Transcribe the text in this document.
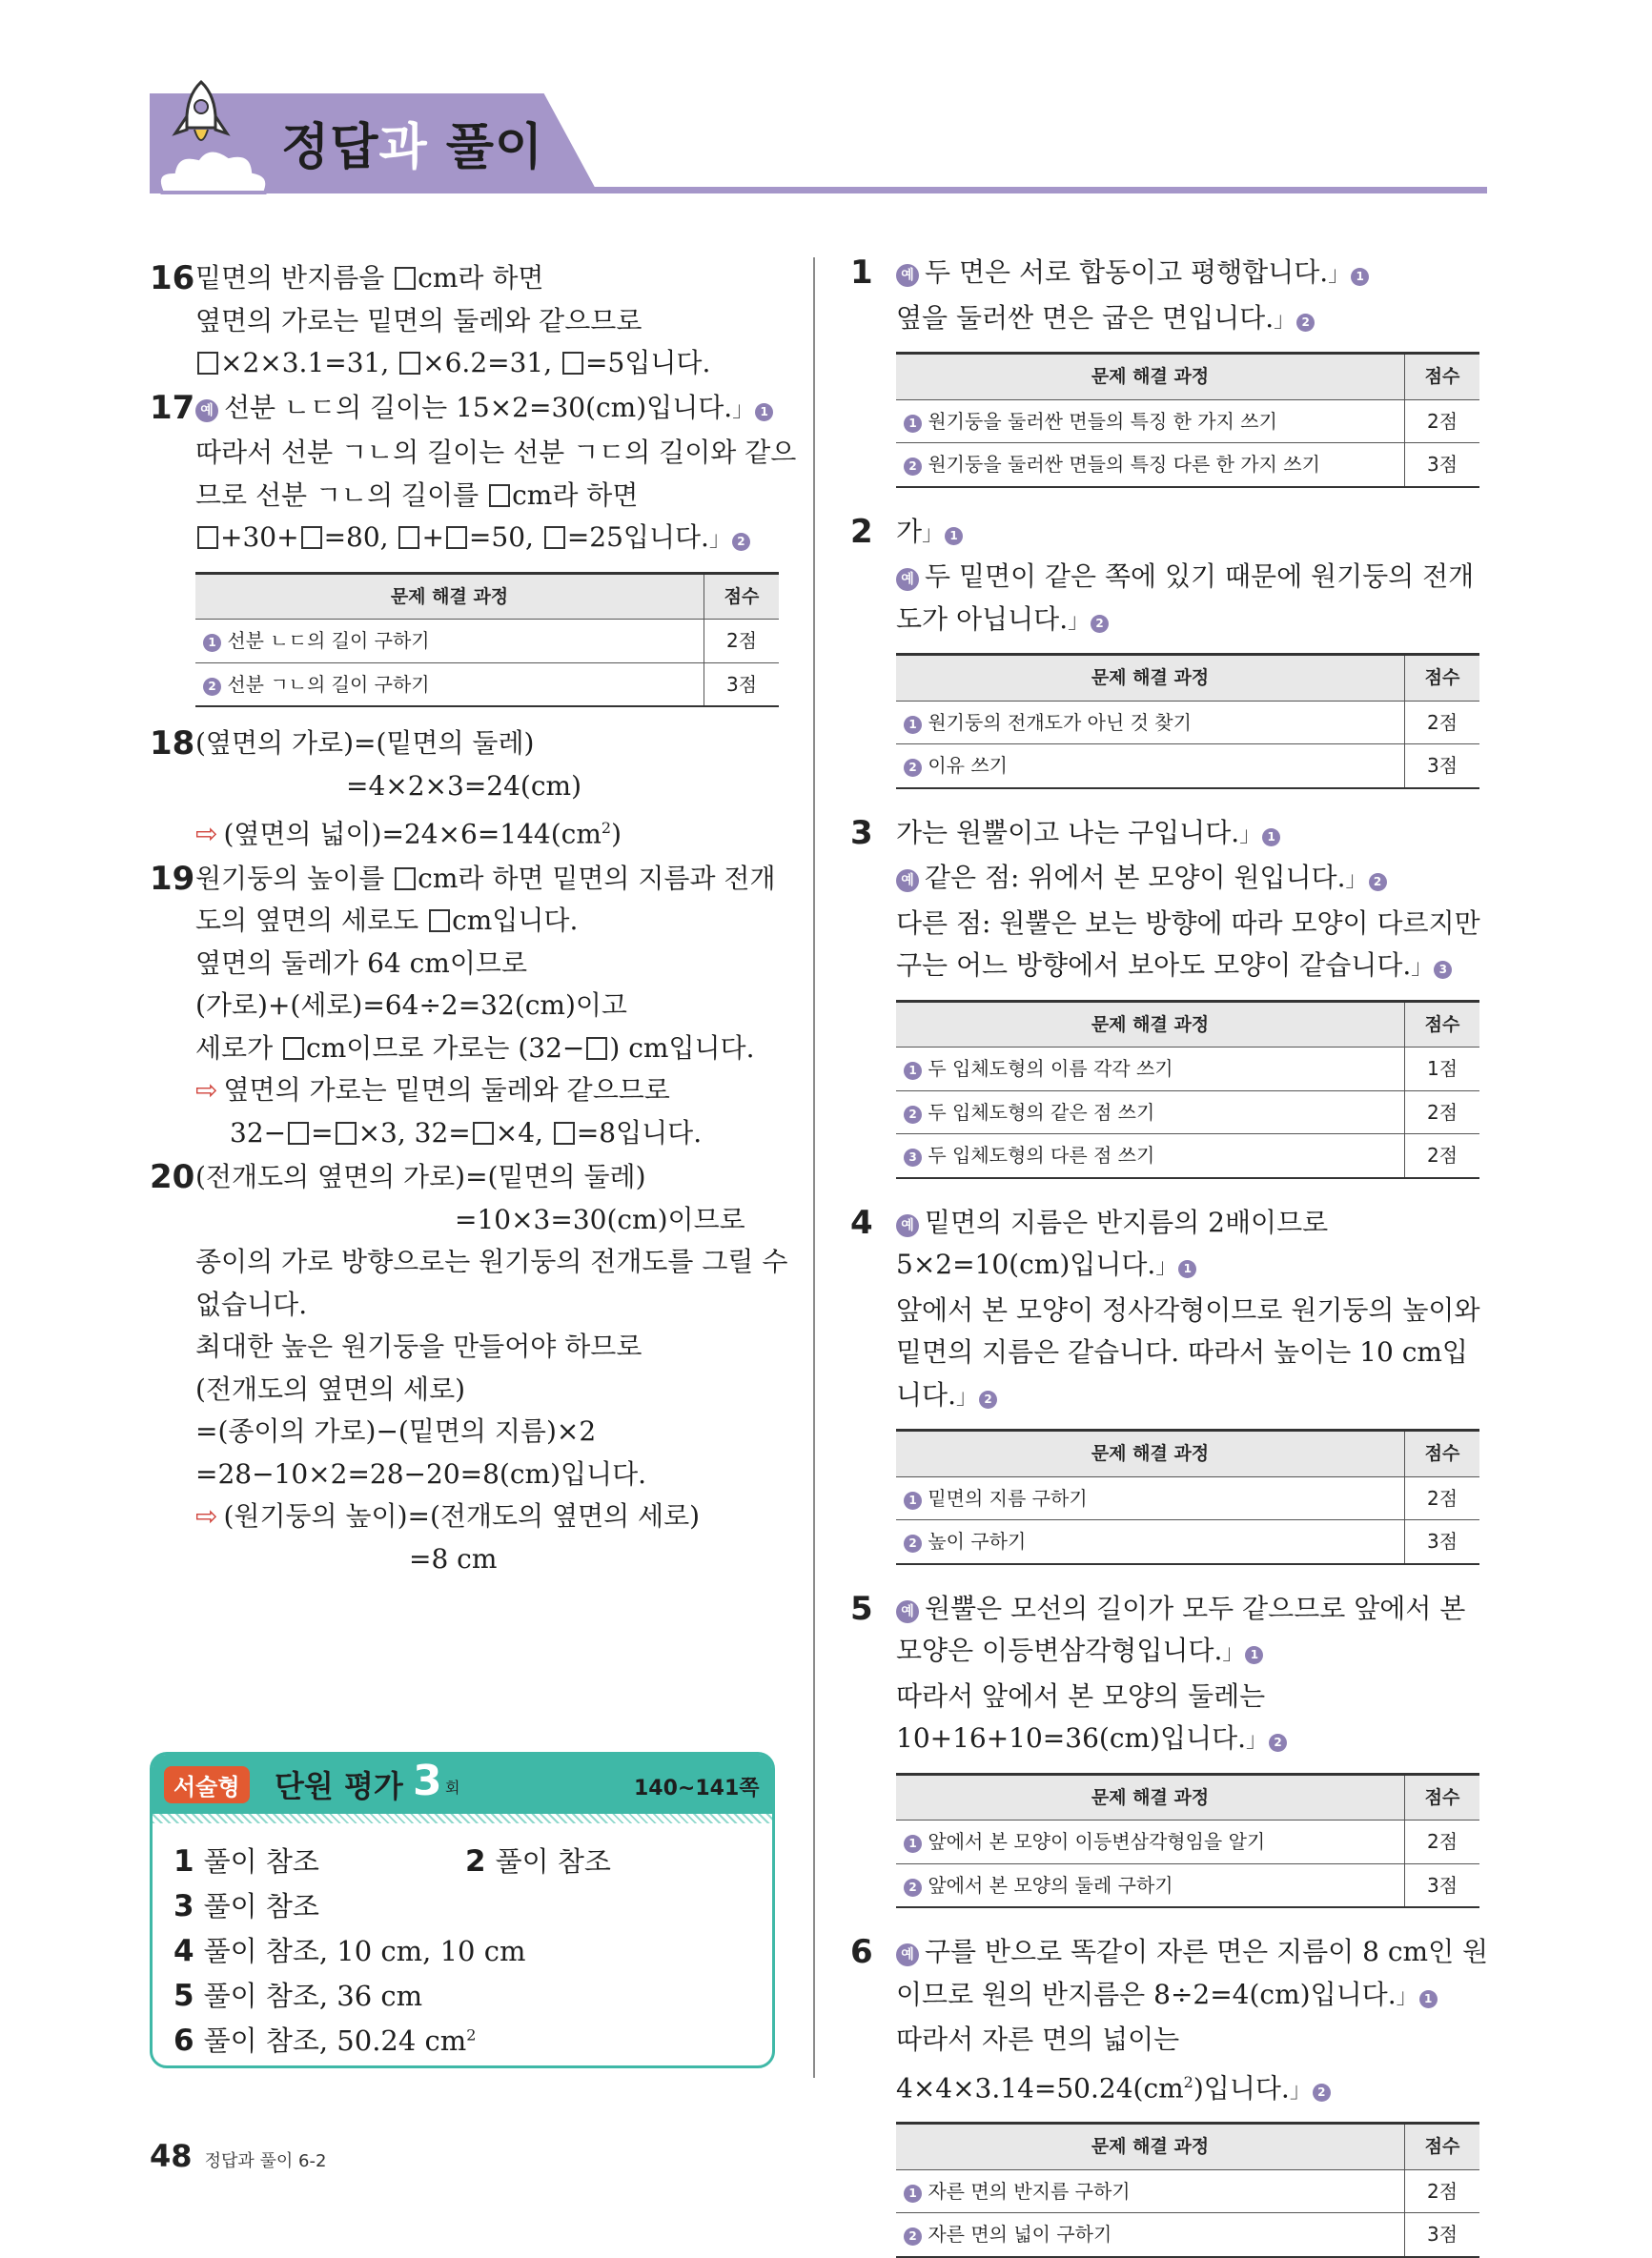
정답과 풀이
16 밑면의 반지름을 cm라 하면
옆면의 가로는 밑면의 둘레와 같으므로
×2×3.1=31, ×6.2=31, =5입니다.
17 예 선분 ㄴㄷ의 길이는 15×2=30(cm)입니다.」 1
따라서 선분 ㄱㄴ의 길이는 선분 ㄱㄷ의 길이와 같으
므로 선분 ㄱㄴ의 길이를 cm라 하면
+30+ =80, + =50, =25입니다.」 2
문제 해결 과정	점수
1 선분 ㄴㄷ의 길이 구하기	2점
2 선분 ㄱㄴ의 길이 구하기	3점
18 (옆면의 가로)=(밑면의 둘레)
=4×2×3=24(cm)
⇨ (옆면의 넓이)$=24\times 6=144(cm^2)$
19 원기둥의 높이를 cm라 하면 밑면의 지름과 전개
도의 옆면의 세로도 cm입니다.
옆면의 둘레가 64 cm이므로
(가로)+(세로)=64÷2=32(cm)이고
세로가 cm이므로 가로는 (32− ) cm입니다.
⇨ 옆면의 가로는 밑면의 둘레와 같으므로
32− = ×3, 32= ×4, =8입니다.
20 (전개도의 옆면의 가로)=(밑면의 둘레)
=10×3=30(cm)이므로
종이의 가로 방향으로는 원기둥의 전개도를 그릴 수
없습니다.
최대한 높은 원기둥을 만들어야 하므로
(전개도의 옆면의 세로)
=(종이의 가로)−(밑면의 지름)×2
=28−10×2=28−20=8(cm)입니다.
⇨ (원기둥의 높이)=(전개도의 옆면의 세로)
=8 cm
서술형	단원 평가 3 회	140~141쪽
1 풀이 참조	2 풀이 참조
3 풀이 참조
4 풀이 참조, 10 cm, 10 cm
5 풀이 참조, 36 cm
6 풀이 참조, 50.24 $cm^2$
1	예 두 면은 서로 합동이고 평행합니다.」 1
옆을 둘러싼 면은 굽은 면입니다.」 2
문제 해결 과정	점수
1 원기둥을 둘러싼 면들의 특징 한 가지 쓰기	2점
2 원기둥을 둘러싼 면들의 특징 다른 한 가지 쓰기	3점
2 가」 1
예 두 밑면이 같은 쪽에 있기 때문에 원기둥의 전개
도가 아닙니다.」 2
문제 해결 과정	점수
1 원기둥의 전개도가 아닌 것 찾기	2점
2 이유 쓰기	3점
3 가는 원뿔이고 나는 구입니다.」 1
예 같은 점: 위에서 본 모양이 원입니다.」 2
다른 점: 원뿔은 보는 방향에 따라 모양이 다르지만
구는 어느 방향에서 보아도 모양이 같습니다.」 3
문제 해결 과정	점수
1 두 입체도형의 이름 각각 쓰기	1점
2 두 입체도형의 같은 점 쓰기	2점
3 두 입체도형의 다른 점 쓰기	2점
4	예 밑면의 지름은 반지름의 2배이므로
5×2=10(cm)입니다.」 1
앞에서 본 모양이 정사각형이므로 원기둥의 높이와
밑면의 지름은 같습니다. 따라서 높이는 10 cm입
니다.」 2
문제 해결 과정	점수
1 밑면의 지름 구하기	2점
2 높이 구하기	3점
5	예 원뿔은 모선의 길이가 모두 같으므로 앞에서 본
모양은 이등변삼각형입니다.」 1
따라서 앞에서 본 모양의 둘레는
10+16+10=36(cm)입니다.」 2
문제 해결 과정	점수
1 앞에서 본 모양이 이등변삼각형임을 알기	2점
2 앞에서 본 모양의 둘레 구하기	3점
6	예 구를 반으로 똑같이 자른 면은 지름이 8 cm인 원
이므로 원의 반지름은 8÷2=4(cm)입니다.」 1
따라서 자른 면의 넓이는
$4\times 4\times 3.14=50.24(cm^2)$입니다.」 2
문제 해결 과정	점수
1 자른 면의 반지름 구하기	2점
2 자른 면의 넓이 구하기	3점
48 정답과 풀이 6-2
